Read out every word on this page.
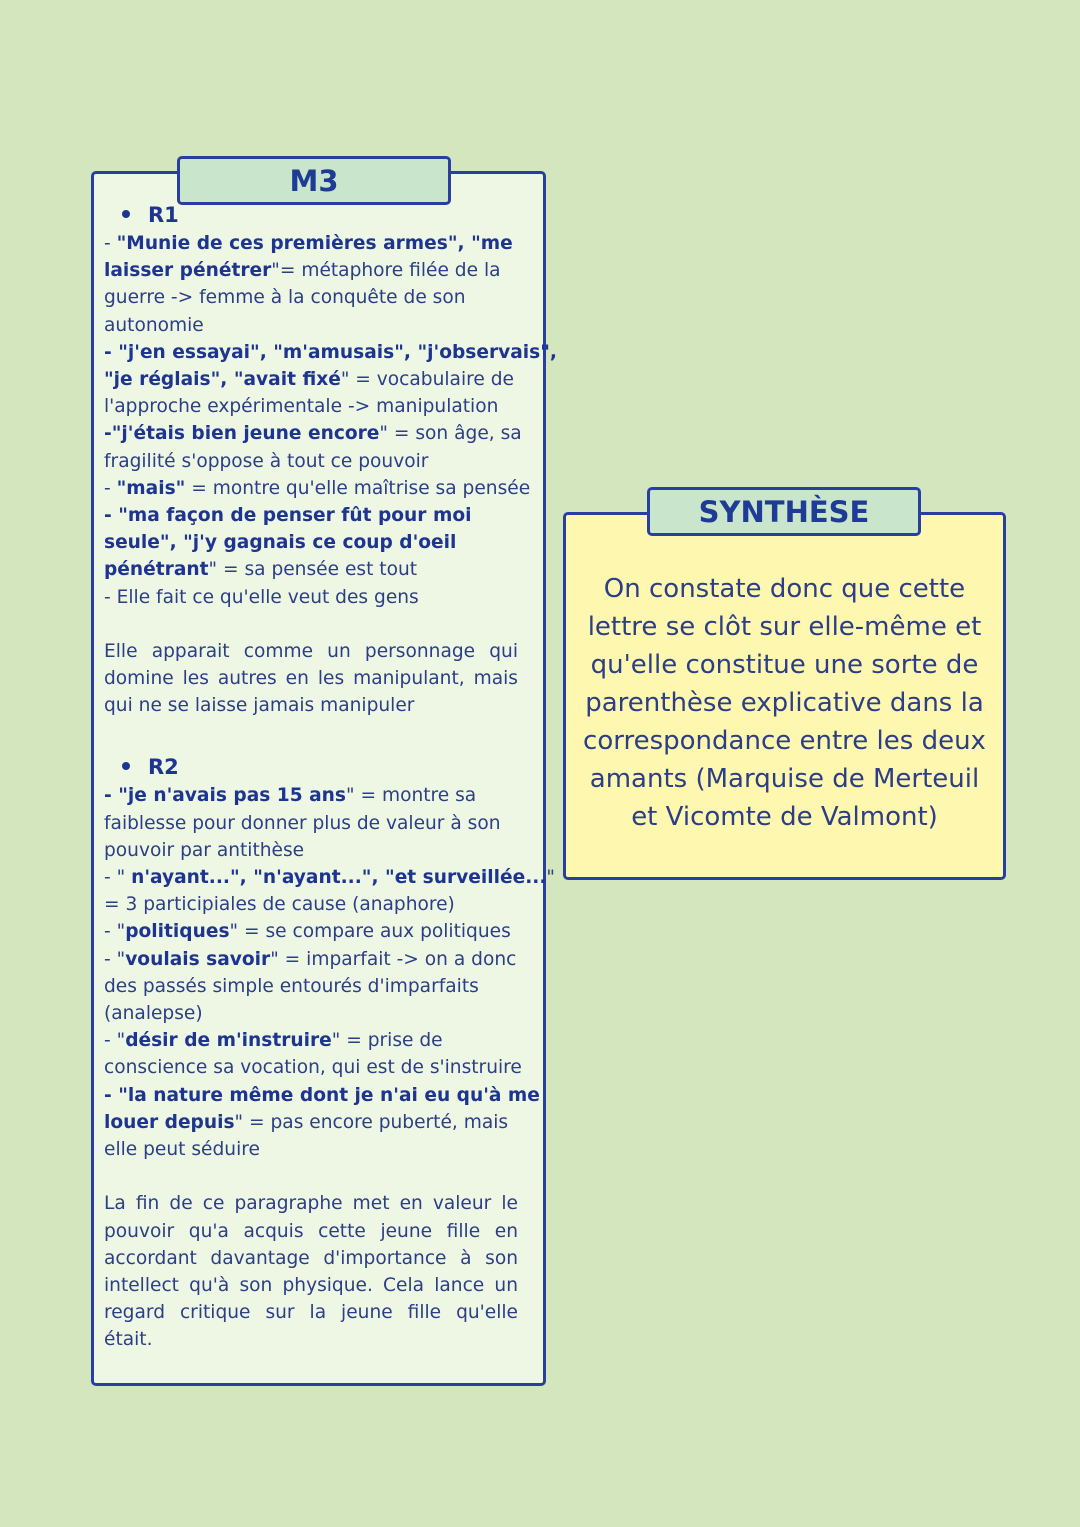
M3
R1
- "Munie de ces premières armes", "me
laisser pénétrer"= métaphore filée de la
guerre -> femme à la conquête de son
autonomie
- "j'en essayai", "m'amusais", "j'observais",
"je réglais", "avait fixé" = vocabulaire de
l'approche expérimentale -> manipulation
-"j'étais bien jeune encore" = son âge, sa
fragilité s'oppose à tout ce pouvoir
- "mais" = montre qu'elle maîtrise sa pensée
- "ma façon de penser fût pour moi
seule", "j'y gagnais ce coup d'oeil
pénétrant" = sa pensée est tout
- Elle fait ce qu'elle veut des gens
Elle apparait comme un personnage qui domine les autres en les manipulant, mais qui ne se laisse jamais manipuler
R2
- "je n'avais pas 15 ans" = montre sa
faiblesse pour donner plus de valeur à son
pouvoir par antithèse
- " n'ayant...", "n'ayant...", "et surveillée..."
= 3 participiales de cause (anaphore)
- "politiques" = se compare aux politiques
- "voulais savoir" = imparfait -> on a donc
des passés simple entourés d'imparfaits
(analepse)
- "désir de m'instruire" = prise de
conscience sa vocation, qui est de s'instruire
- "la nature même dont je n'ai eu qu'à me
louer depuis" = pas encore puberté, mais
elle peut séduire
La fin de ce paragraphe met en valeur le pouvoir qu'a acquis cette jeune fille en accordant davantage d'importance à son intellect qu'à son physique. Cela lance un regard critique sur la jeune fille qu'elle était.
SYNTHÈSE
On constate donc que cette
lettre se clôt sur elle-même et
qu'elle constitue une sorte de
parenthèse explicative dans la
correspondance entre les deux
amants (Marquise de Merteuil
et Vicomte de Valmont)
